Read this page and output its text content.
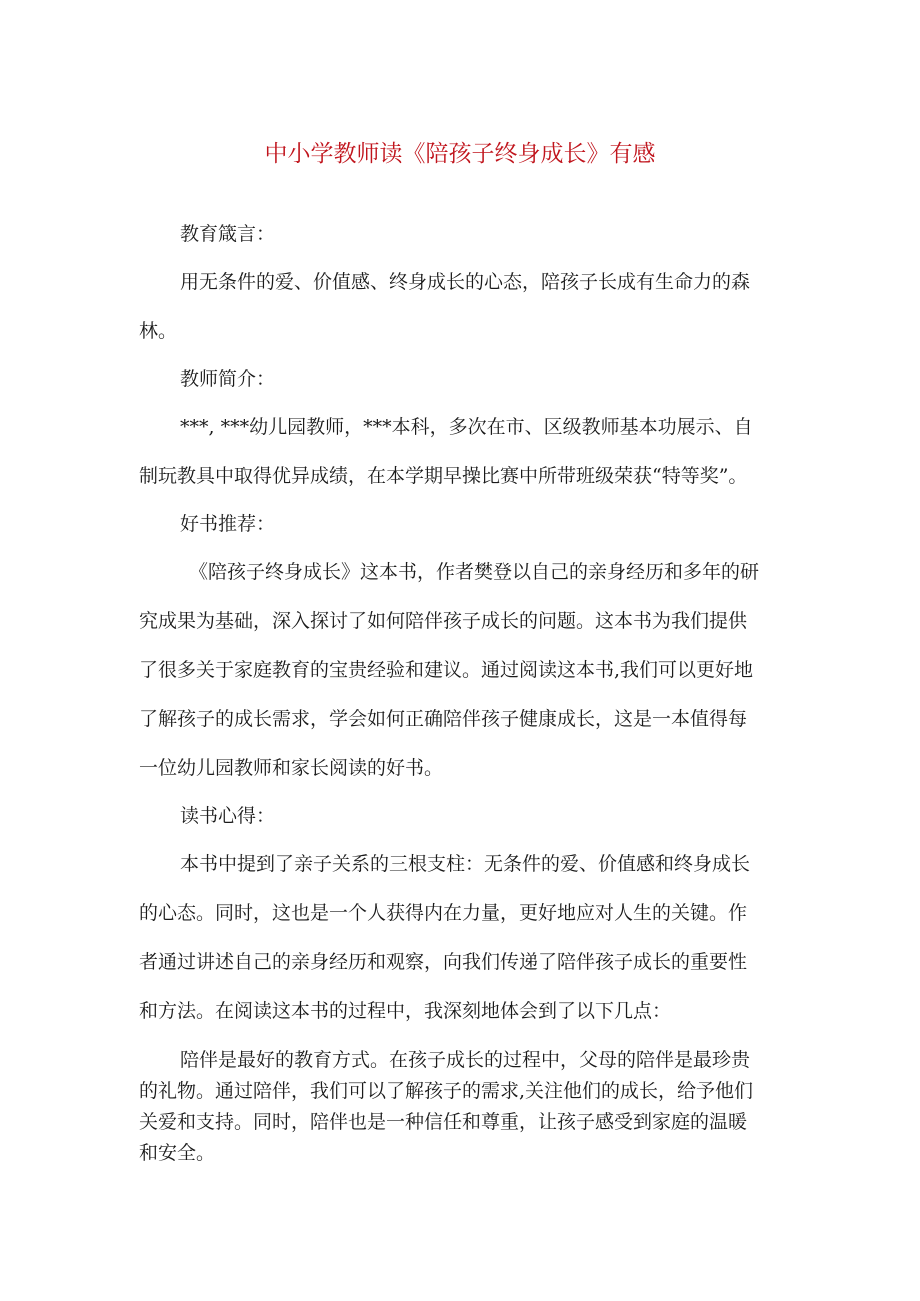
中小学教师读《陪孩子终身成长》有感
教育箴言：
用无条件的爱、价值感、终身成长的心态，陪孩子长成有生命力的森
林。
教师简介：
***, ***幼儿园教师，***本科，多次在市、区级教师基本功展示、自
制玩教具中取得优异成绩，在本学期早操比赛中所带班级荣获“特等奖”。
好书推荐：
《陪孩子终身成长》这本书，作者樊登以自己的亲身经历和多年的研
究成果为基础，深入探讨了如何陪伴孩子成长的问题。这本书为我们提供
了很多关于家庭教育的宝贵经验和建议。通过阅读这本书,我们可以更好地
了解孩子的成长需求，学会如何正确陪伴孩子健康成长，这是一本值得每
一位幼儿园教师和家长阅读的好书。
读书心得：
本书中提到了亲子关系的三根支柱：无条件的爱、价值感和终身成长
的心态。同时，这也是一个人获得内在力量，更好地应对人生的关键。作
者通过讲述自己的亲身经历和观察，向我们传递了陪伴孩子成长的重要性
和方法。在阅读这本书的过程中，我深刻地体会到了以下几点：
陪伴是最好的教育方式。在孩子成长的过程中，父母的陪伴是最珍贵
的礼物。通过陪伴，我们可以了解孩子的需求,关注他们的成长，给予他们
关爱和支持。同时，陪伴也是一种信任和尊重，让孩子感受到家庭的温暖
和安全。
